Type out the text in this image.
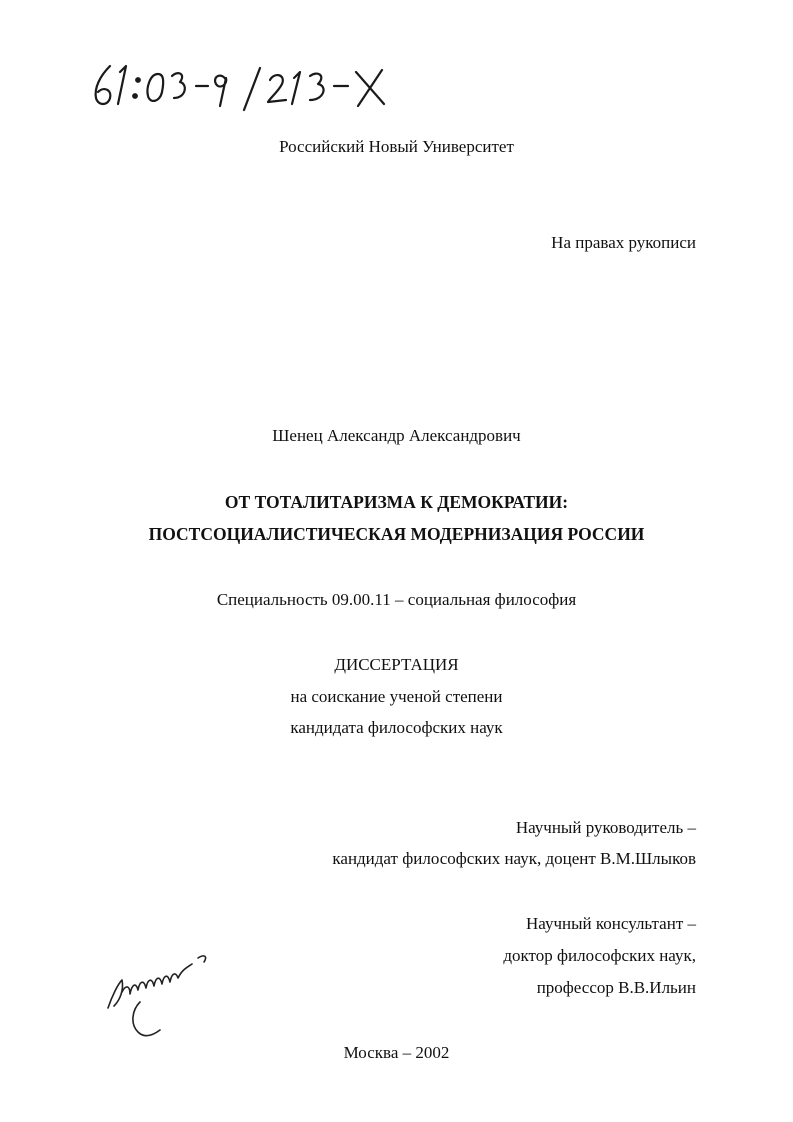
Российский Новый Университет
На правах рукописи
Шенец Александр Александрович
ОТ ТОТАЛИТАРИЗМА К ДЕМОКРАТИИ:
ПОСТСОЦИАЛИСТИЧЕСКАЯ МОДЕРНИЗАЦИЯ РОССИИ
Специальность 09.00.11 – социальная философия
ДИССЕРТАЦИЯ
на соискание ученой степени
кандидата философских наук
Научный руководитель –
кандидат философских наук, доцент В.М.Шлыков
Научный консультант –
доктор философских наук,
профессор В.В.Ильин
Москва – 2002
